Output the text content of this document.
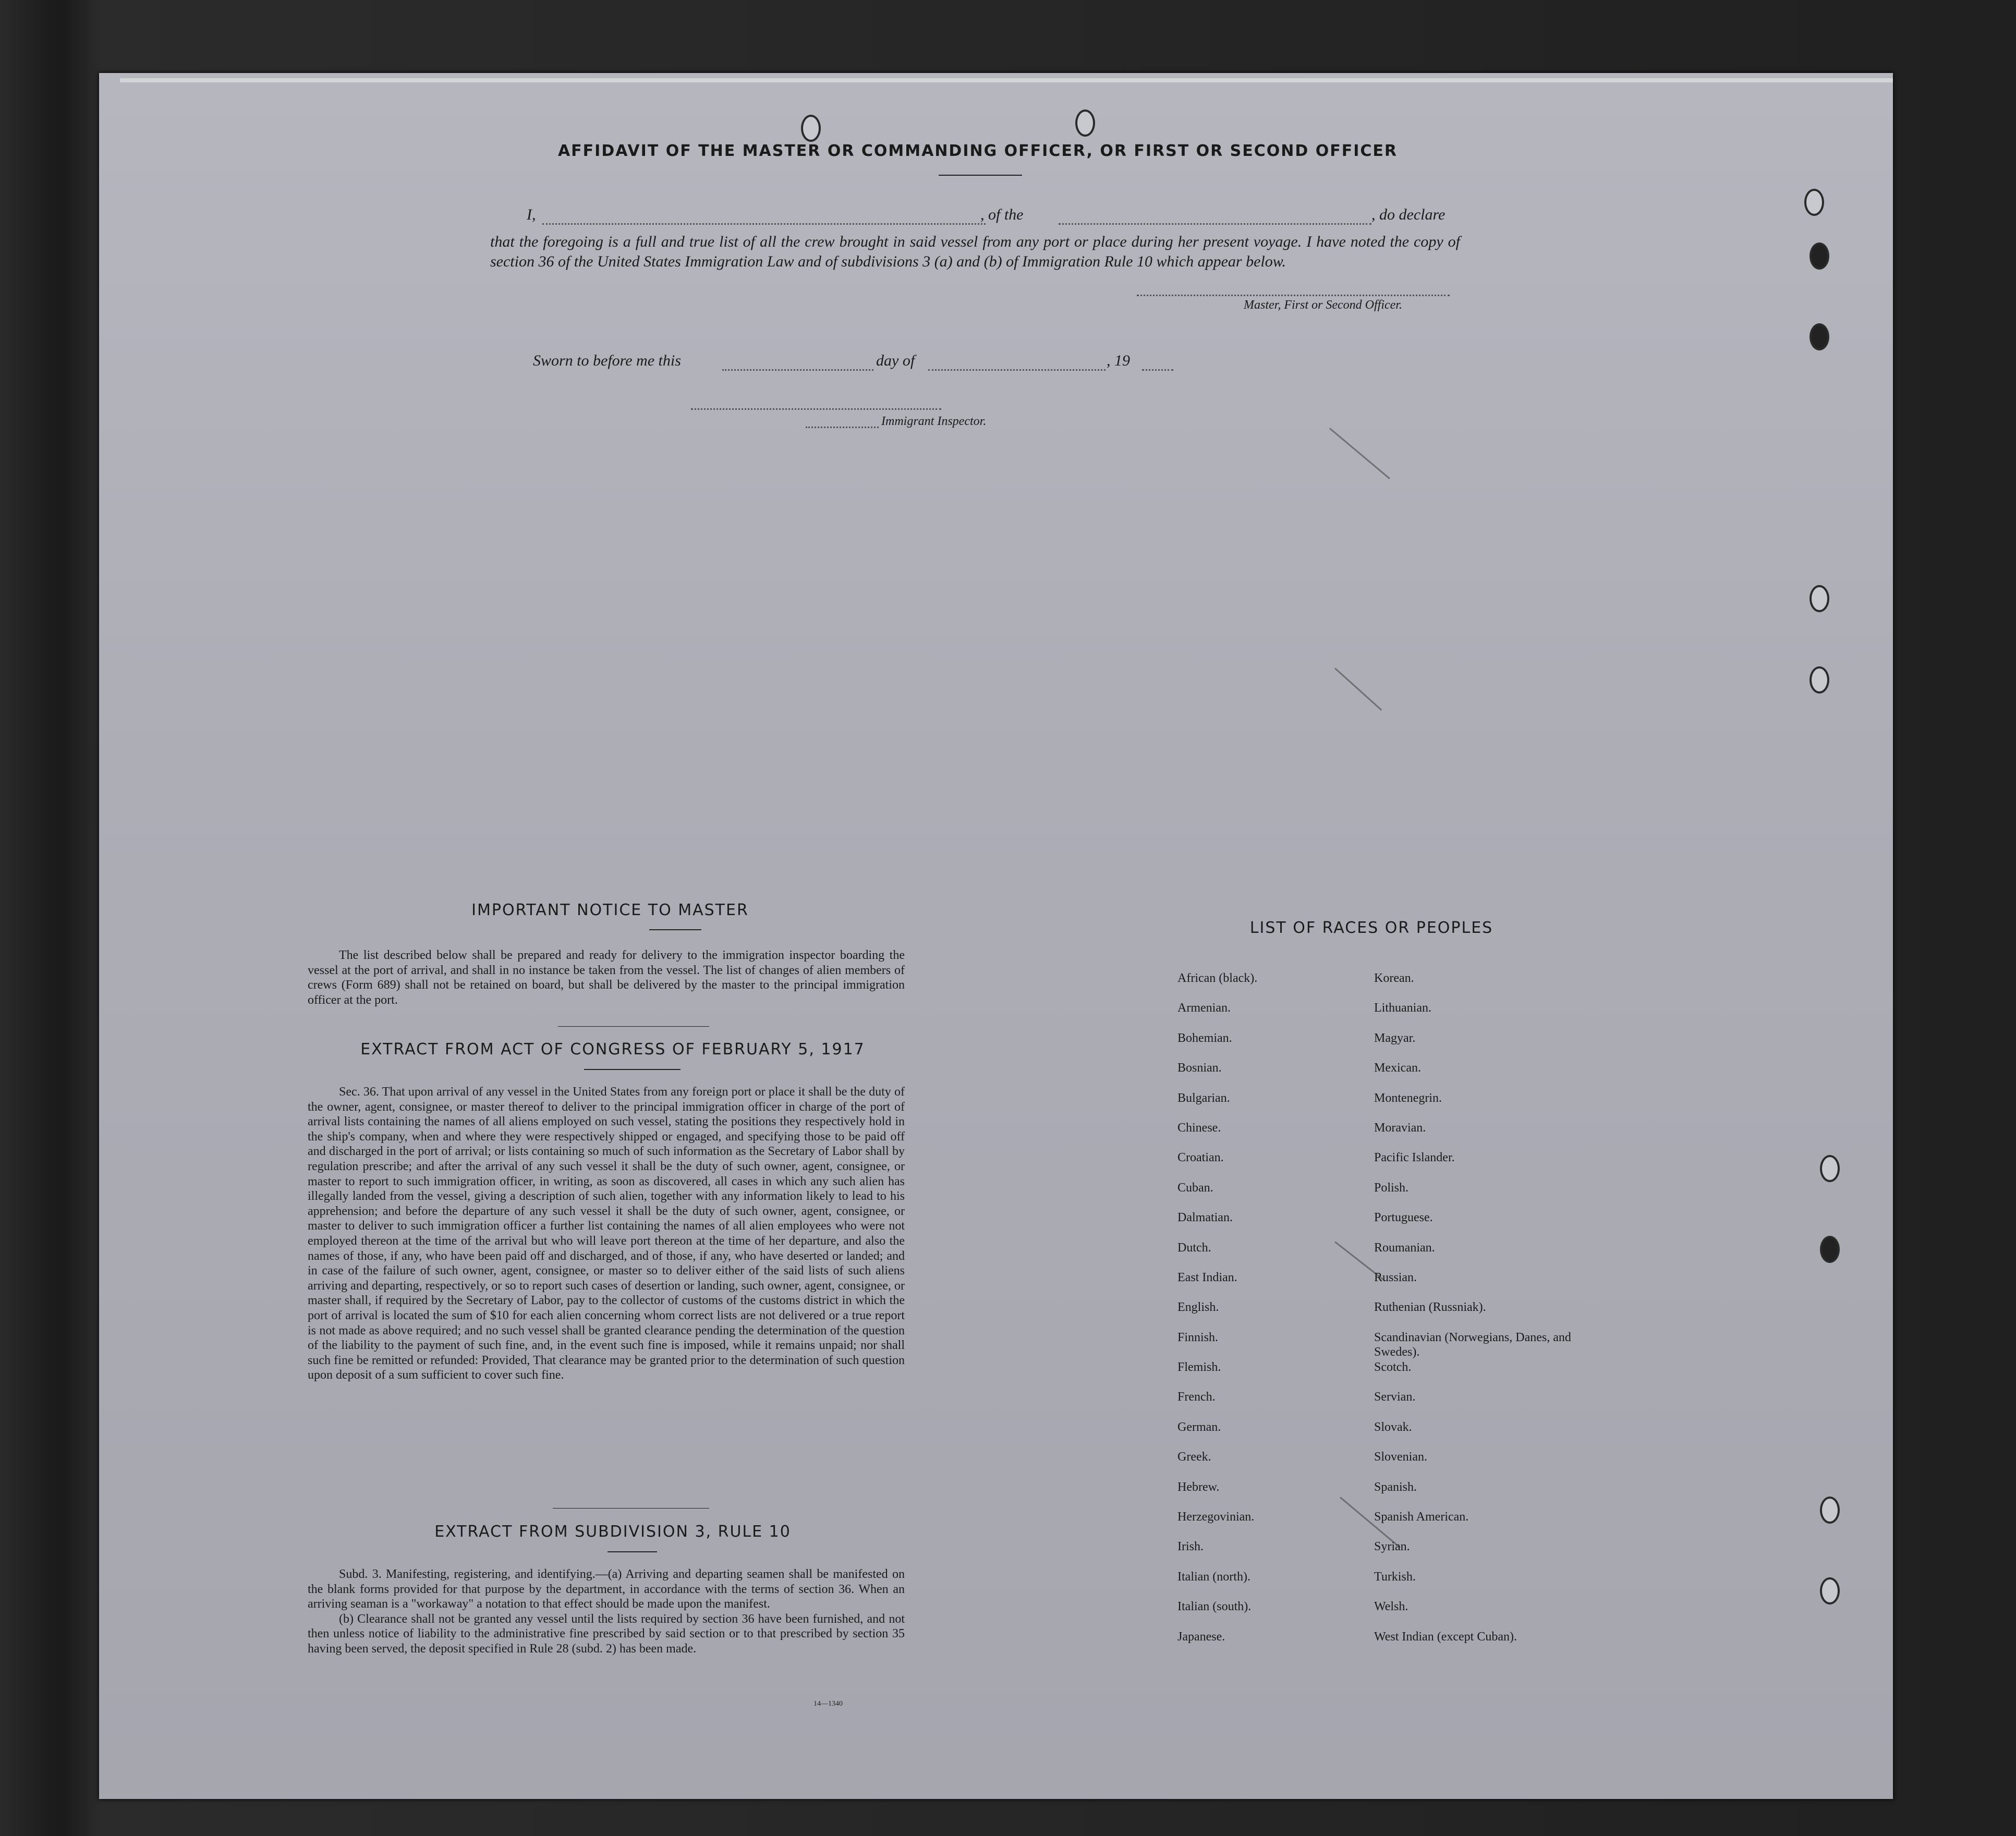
AFFIDAVIT OF THE MASTER OR COMMANDING OFFICER, OR FIRST OR SECOND OFFICER
I,	, of the	, do declare
that the foregoing is a full and true list of all the crew brought in said vessel from any port or place during her present voyage. I have noted the copy of section 36 of the United States Immigration Law and of subdivisions 3 (a) and (b) of Immigration Rule 10 which appear below.
Master, First or Second Officer.
Sworn to before me this	day of	, 19
Immigrant Inspector.
IMPORTANT NOTICE TO MASTER

The list described below shall be prepared and ready for delivery to the immigration inspector boarding the vessel at the port of arrival, and shall in no instance be taken from the vessel. The list of changes of alien members of crews (Form 689) shall not be retained on board, but shall be delivered by the master to the principal immigration officer at the port.

EXTRACT FROM ACT OF CONGRESS OF FEBRUARY 5, 1917

Sec. 36. That upon arrival of any vessel in the United States from any foreign port or place it shall be the duty of the owner, agent, consignee, or master thereof to deliver to the principal immigration officer in charge of the port of arrival lists containing the names of all aliens employed on such vessel, stating the positions they respectively hold in the ship's company, when and where they were respectively shipped or engaged, and specifying those to be paid off and discharged in the port of arrival; or lists containing so much of such information as the Secretary of Labor shall by regulation prescribe; and after the arrival of any such vessel it shall be the duty of such owner, agent, consignee, or master to report to such immigration officer, in writing, as soon as discovered, all cases in which any such alien has illegally landed from the vessel, giving a description of such alien, together with any information likely to lead to his apprehension; and before the departure of any such vessel it shall be the duty of such owner, agent, consignee, or master to deliver to such immigration officer a further list containing the names of all alien employees who were not employed thereon at the time of the arrival but who will leave port thereon at the time of her departure, and also the names of those, if any, who have been paid off and discharged, and of those, if any, who have deserted or landed; and in case of the failure of such owner, agent, consignee, or master so to deliver either of the said lists of such aliens arriving and departing, respectively, or so to report such cases of desertion or landing, such owner, agent, consignee, or master shall, if required by the Secretary of Labor, pay to the collector of customs of the customs district in which the port of arrival is located the sum of $10 for each alien concerning whom correct lists are not delivered or a true report is not made as above required; and no such vessel shall be granted clearance pending the determination of the question of the liability to the payment of such fine, and, in the event such fine is imposed, while it remains unpaid; nor shall such fine be remitted or refunded: Provided, That clearance may be granted prior to the determination of such question upon deposit of a sum sufficient to cover such fine.

EXTRACT FROM SUBDIVISION 3, RULE 10

Subd. 3. Manifesting, registering, and identifying.—(a) Arriving and departing seamen shall be manifested on the blank forms provided for that purpose by the department, in accordance with the terms of section 36. When an arriving seaman is a "workaway" a notation to that effect should be made upon the manifest.

(b) Clearance shall not be granted any vessel until the lists required by section 36 have been furnished, and not then unless notice of liability to the administrative fine prescribed by said section or to that prescribed by section 35 having been served, the deposit specified in Rule 28 (subd. 2) has been made.

14—1340
LIST OF RACES OR PEOPLES
African (black).
Armenian.
Bohemian.
Bosnian.
Bulgarian.
Chinese.
Croatian.
Cuban.
Dalmatian.
Dutch.
East Indian.
English.
Finnish.
Flemish.
French.
German.
Greek.
Hebrew.
Herzegovinian.
Irish.
Italian (north).
Italian (south).
Japanese.
Korean.
Lithuanian.
Magyar.
Mexican.
Montenegrin.
Moravian.
Pacific Islander.
Polish.
Portuguese.
Roumanian.
Russian.
Ruthenian (Russniak).
Scandinavian (Norwegians, Danes, and Swedes).
Scotch.
Servian.
Slovak.
Slovenian.
Spanish.
Spanish American.
Syrian.
Turkish.
Welsh.
West Indian (except Cuban).
